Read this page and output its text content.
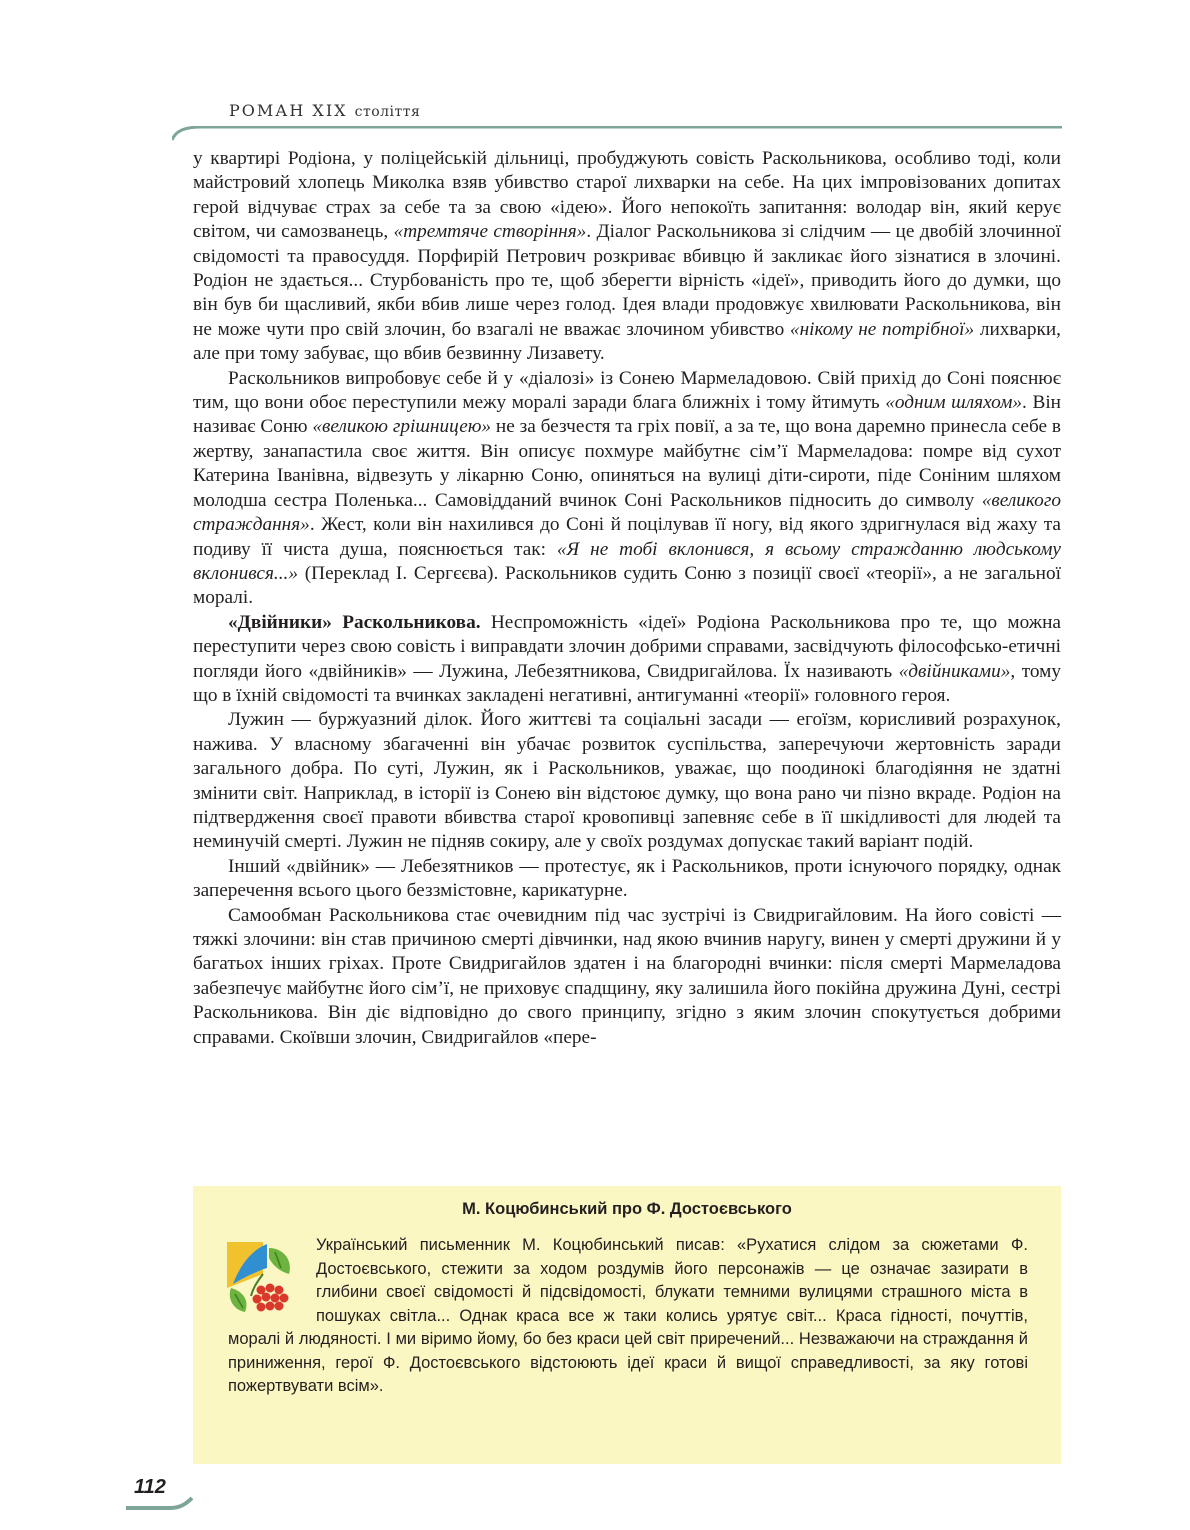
РОМАН XIX століття

у квартирі Родіона, у поліцейській дільниці, пробуджують совість Раскольникова, особливо тоді, коли майстровий хлопець Миколка взяв убивство старої лихварки на себе. На цих імпровізованих допитах герой відчуває страх за себе та за свою «ідею». Його непокоїть запитання: володар він, який керує світом, чи самозванець, «тремтяче створіння». Діалог Раскольникова зі слідчим — це двобій злочинної свідомості та правосуддя. Порфирій Петрович розкриває вбивцю й закликає його зізнатися в злочині. Родіон не здається... Стурбованість про те, щоб зберегти вірність «ідеї», приводить його до думки, що він був би щасливий, якби вбив лише через голод. Ідея влади продовжує хвилювати Раскольникова, він не може чути про свій злочин, бо взагалі не вважає злочином убивство «нікому не потрібної» лихварки, але при тому забуває, що вбив безвинну Лизавету.

Раскольников випробовує себе й у «діалозі» із Сонею Мармеладовою. Свій прихід до Соні пояснює тим, що вони обоє переступили межу моралі заради блага ближніх і тому йтимуть «одним шляхом». Він називає Соню «великою грішницею» не за безчестя та гріх повії, а за те, що вона даремно принесла себе в жертву, занапастила своє життя. Він описує похмуре майбутнє сім’ї Мармеладова: помре від сухот Катерина Іванівна, відвезуть у лікарню Соню, опиняться на вулиці діти-сироти, піде Соніним шляхом молодша сестра Поленька... Самовідданий вчинок Соні Раскольников підносить до символу «великого страждання». Жест, коли він нахилився до Соні й поцілував її ногу, від якого здригнулася від жаху та подиву її чиста душа, пояснюється так: «Я не тобі вклонився, я всьому стражданню людському вклонився...» (Переклад І. Сергєєва). Раскольников судить Соню з позиції своєї «теорії», а не загальної моралі.

«Двійники» Раскольникова. Неспроможність «ідеї» Родіона Раскольникова про те, що можна переступити через свою совість і виправдати злочин добрими справами, засвідчують філософсько-етичні погляди його «двійників» — Лужина, Лебезятникова, Свидригайлова. Їх називають «двійниками», тому що в їхній свідомості та вчинках закладені негативні, антигуманні «теорії» головного героя.

Лужин — буржуазний ділок. Його життєві та соціальні засади — егоїзм, корисливий розрахунок, нажива. У власному збагаченні він убачає розвиток суспільства, заперечуючи жертовність заради загального добра. По суті, Лужин, як і Раскольников, уважає, що поодинокі благодіяння не здатні змінити світ. Наприклад, в історії із Сонею він відстоює думку, що вона рано чи пізно вкраде. Родіон на підтвердження своєї правоти вбивства старої кровопивці запевняє себе в її шкідливості для людей та неминучій смерті. Лужин не підняв сокиру, але у своїх роздумах допускає такий варіант подій.

Інший «двійник» — Лебезятников — протестує, як і Раскольников, проти існуючого порядку, однак заперечення всього цього беззмістовне, карикатурне.

Самообман Раскольникова стає очевидним під час зустрічі із Свидригайловим. На його совісті — тяжкі злочини: він став причиною смерті дівчинки, над якою вчинив наругу, винен у смерті дружини й у багатьох інших гріхах. Проте Свидригайлов здатен і на благородні вчинки: після смерті Мармеладова забезпечує майбутнє його сім’ї, не приховує спадщину, яку залишила його покійна дружина Дуні, сестрі Раскольникова. Він діє відповідно до свого принципу, згідно з яким злочин спокутується добрими справами. Скоївши злочин, Свидригайлов «пере-

М. Коцюбинський про Ф. Достоєвського
Український письменник М. Коцюбинський писав: «Рухатися слідом за сюжетами Ф. Достоєвського, стежити за ходом роздумів його персонажів — це означає зазирати в глибини своєї свідомості й підсвідомості, блукати темними вулицями страшного міста в пошуках світла... Однак краса все ж таки колись урятує світ... Краса гідності, почуттів, моралі й людяності. І ми віримо йому, бо без краси цей світ приречений... Незважаючи на страждання й приниження, герої Ф. Достоєвського відстоюють ідеї краси й вищої справедливості, за яку готові пожертвувати всім».
112
